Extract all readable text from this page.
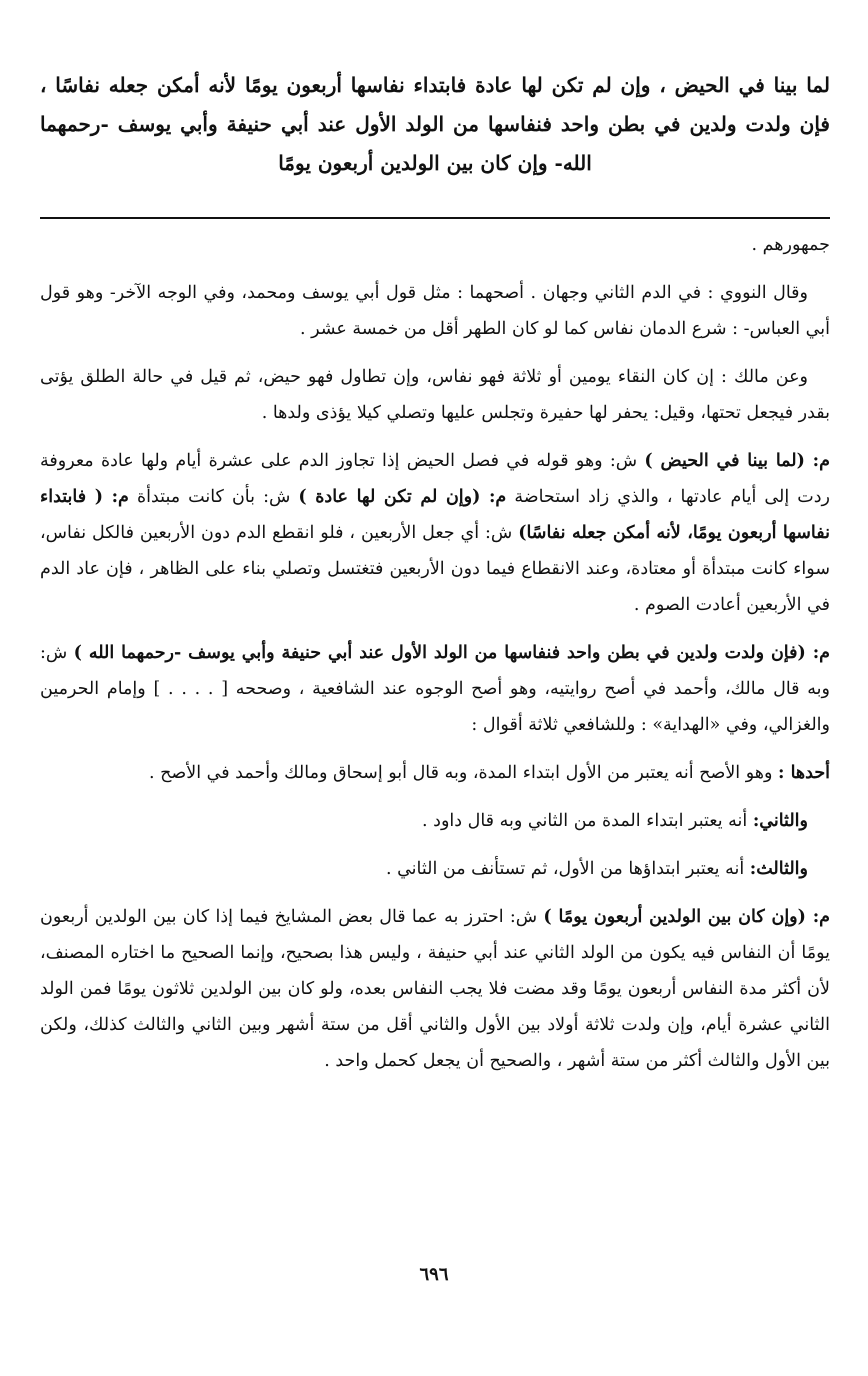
لما بينا في الحيض ، وإن لم تكن لها عادة فابتداء نفاسها أربعون يومًا لأنه أمكن جعله نفاسًا ، فإن ولدت ولدين في بطن واحد فنفاسها من الولد الأول عند أبي حنيفة وأبي يوسف -رحمهما الله- وإن كان بين الولدين أربعون يومًا

جمهورهم .

وقال النووي : في الدم الثاني وجهان . أصحهما : مثل قول أبي يوسف ومحمد، وفي الوجه الآخر- وهو قول أبي العباس- : شرع الدمان نفاس كما لو كان الطهر أقل من خمسة عشر .

وعن مالك : إن كان النقاء يومين أو ثلاثة فهو نفاس، وإن تطاول فهو حيض، ثم قيل في حالة الطلق يؤتى بقدر فيجعل تحتها، وقيل: يحفر لها حفيرة وتجلس عليها وتصلي كيلا يؤذى ولدها .

م: (لما بينا في الحيض ) ش: وهو قوله في فصل الحيض إذا تجاوز الدم على عشرة أيام ولها عادة معروفة ردت إلى أيام عادتها ، والذي زاد استحاضة م: (وإن لم تكن لها عادة ) ش: بأن كانت مبتدأة م: ( فابتداء نفاسها أربعون يومًا، لأنه أمكن جعله نفاسًا) ش: أي جعل الأربعين ، فلو انقطع الدم دون الأربعين فالكل نفاس، سواء كانت مبتدأة أو معتادة، وعند الانقطاع فيما دون الأربعين فتغتسل وتصلي بناء على الظاهر ، فإن عاد الدم في الأربعين أعادت الصوم .

م: (فإن ولدت ولدين في بطن واحد فنفاسها من الولد الأول عند أبي حنيفة وأبي يوسف -رحمهما الله ) ش: وبه قال مالك، وأحمد في أصح روايتيه، وهو أصح الوجوه عند الشافعية ، وصححه [ . . . . ] وإمام الحرمين والغزالي، وفي «الهداية» : وللشافعي ثلاثة أقوال :

أحدها : وهو الأصح أنه يعتبر من الأول ابتداء المدة، وبه قال أبو إسحاق ومالك وأحمد في الأصح .

والثاني: أنه يعتبر ابتداء المدة من الثاني وبه قال داود .

والثالث: أنه يعتبر ابتداؤها من الأول، ثم تستأنف من الثاني .

م: (وإن كان بين الولدين أربعون يومًا ) ش: احترز به عما قال بعض المشايخ فيما إذا كان بين الولدين أربعون يومًا أن النفاس فيه يكون من الولد الثاني عند أبي حنيفة ، وليس هذا بصحيح، وإنما الصحيح ما اختاره المصنف، لأن أكثر مدة النفاس أربعون يومًا وقد مضت فلا يجب النفاس بعده، ولو كان بين الولدين ثلاثون يومًا فمن الولد الثاني عشرة أيام، وإن ولدت ثلاثة أولاد بين الأول والثاني أقل من ستة أشهر وبين الثاني والثالث كذلك، ولكن بين الأول والثالث أكثر من ستة أشهر ، والصحيح أن يجعل كحمل واحد .

٦٩٦
